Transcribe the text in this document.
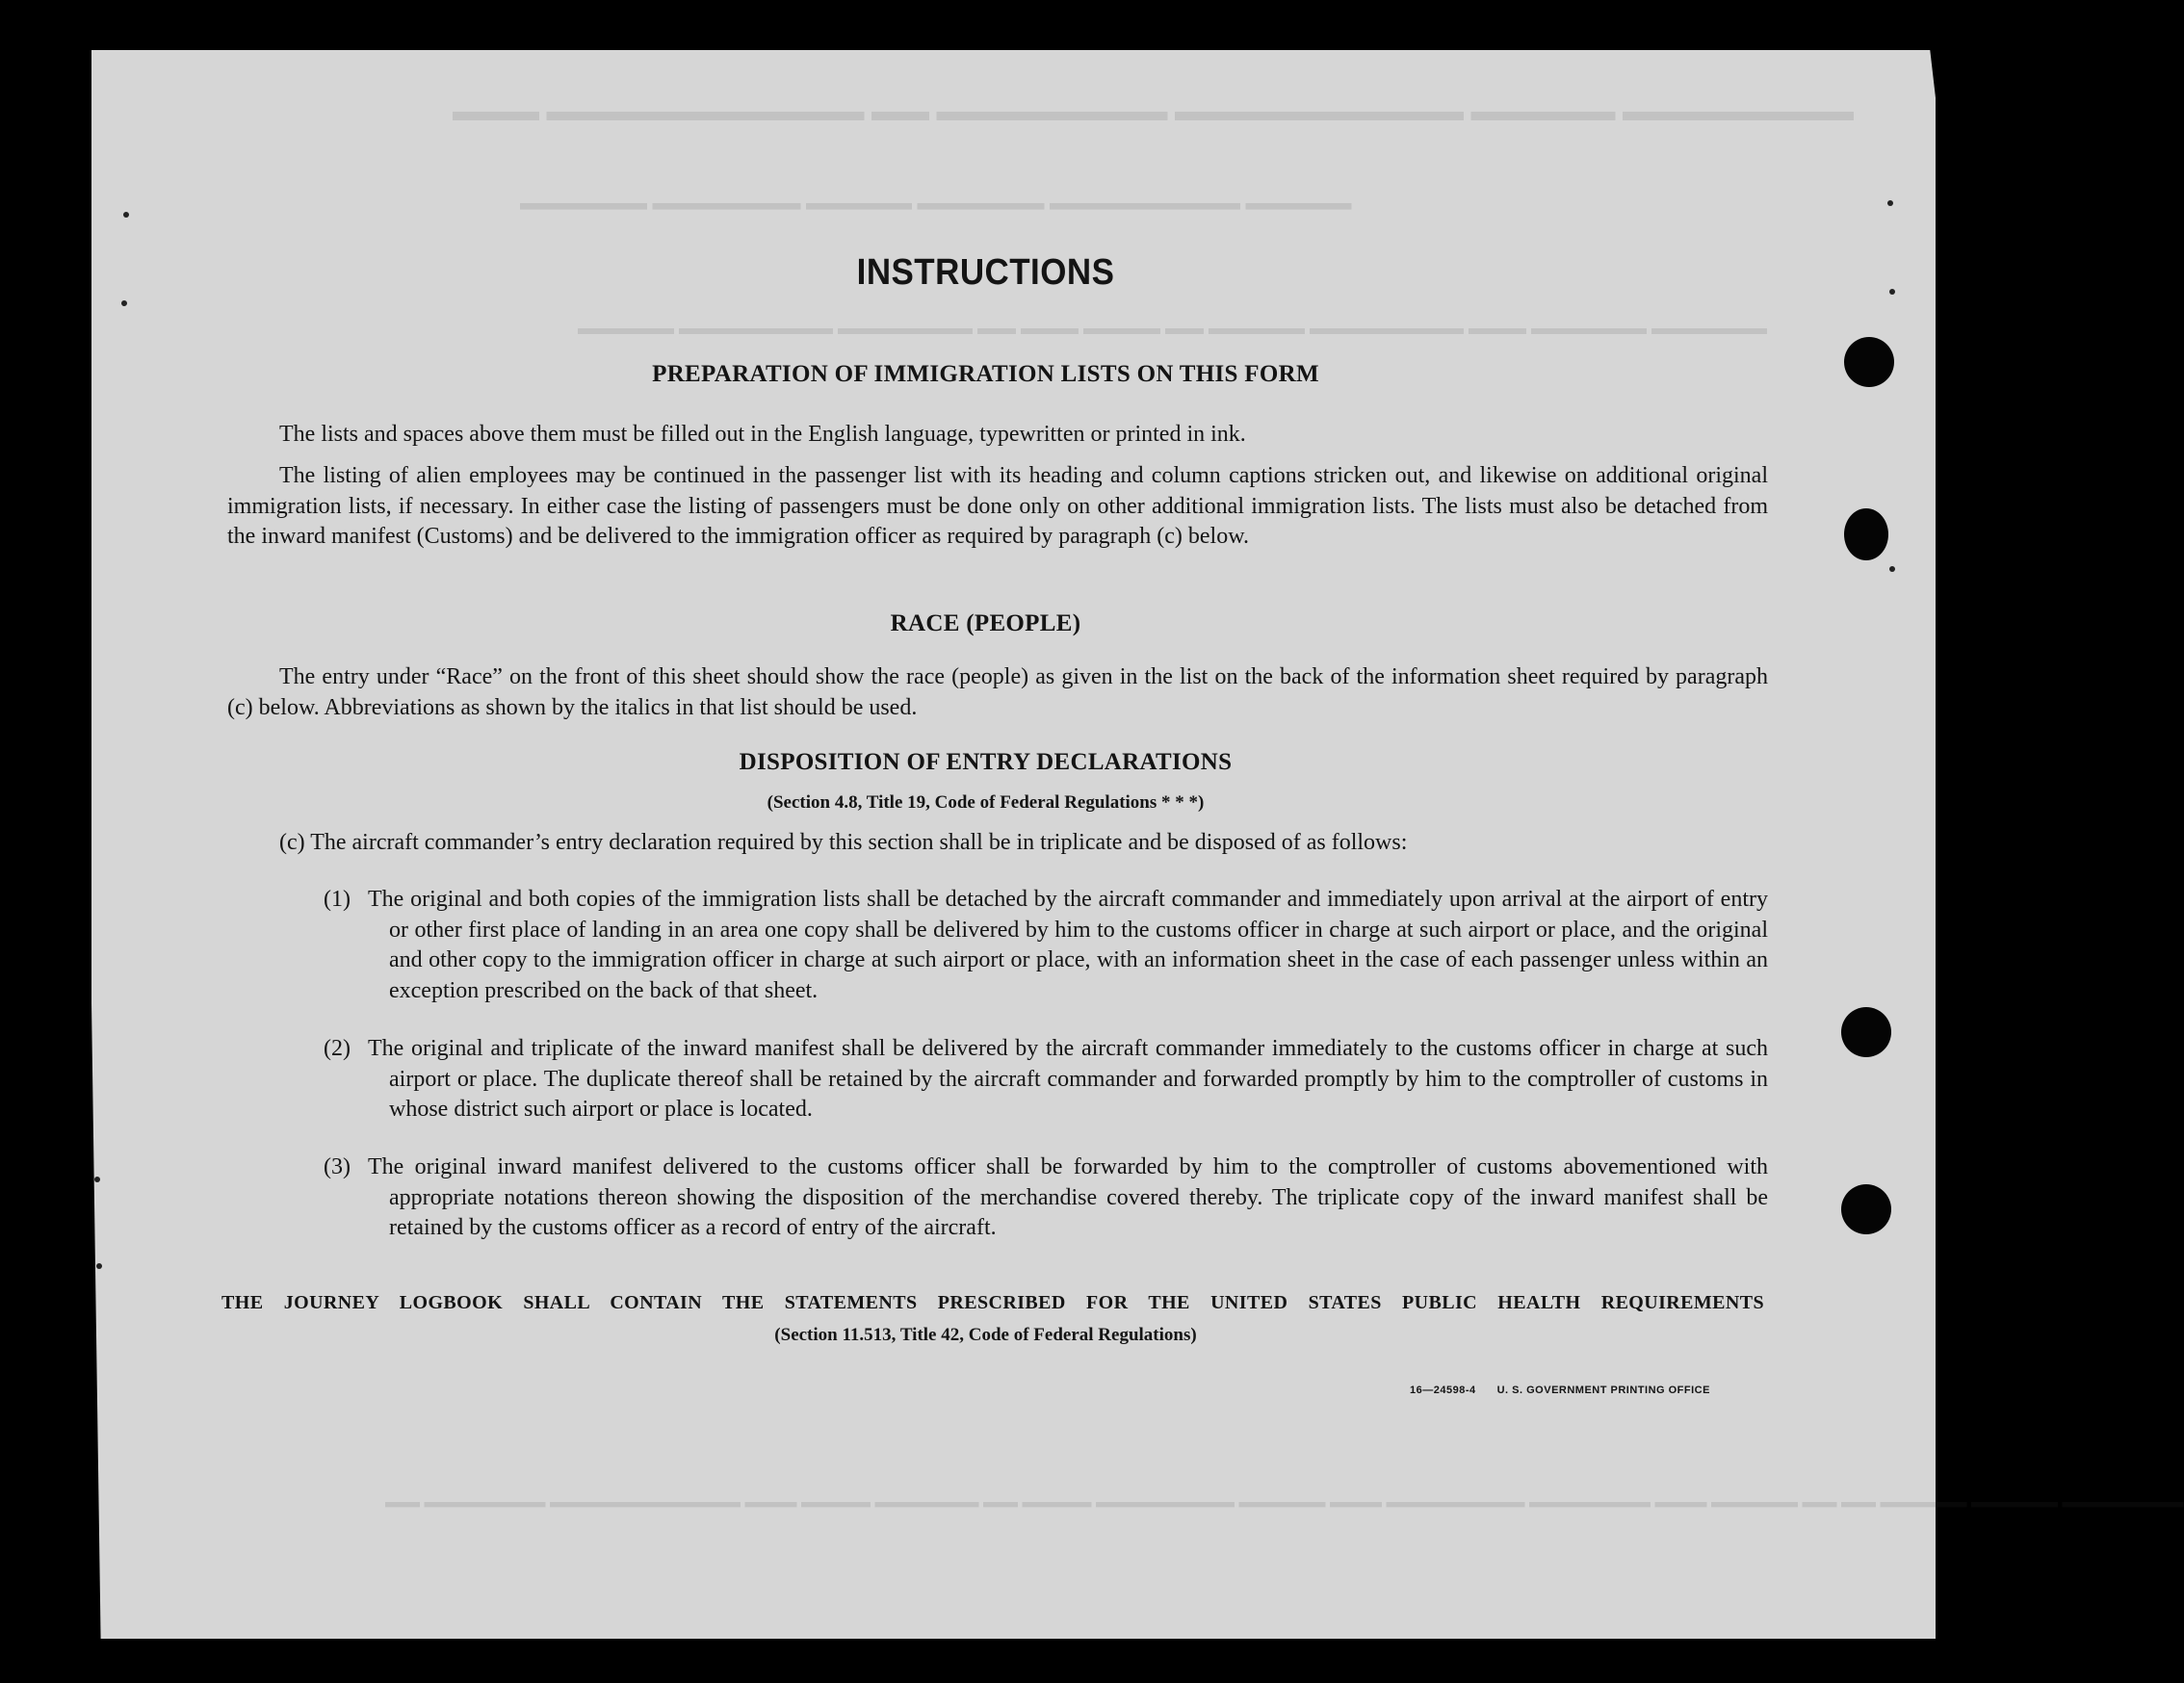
▬▬▬▬▬ ▬▬▬▬▬▬▬
INSTRUCTIONS
PREPARATION OF IMMIGRATION LISTS ON THIS FORM
The lists and spaces above them must be filled out in the English language, typewritten or printed in ink.
The listing of alien employees may be continued in the passenger list with its heading and column captions stricken out, and likewise on additional original immigration lists, if necessary. In either case the listing of passengers must be done only on other additional immigration lists. The lists must also be detached from the inward manifest (Customs) and be delivered to the immigration officer as required by paragraph (c) below.
RACE (PEOPLE)
The entry under “Race” on the front of this sheet should show the race (people) as given in the list on the back of the information sheet required by paragraph (c) below. Abbreviations as shown by the italics in that list should be used.
DISPOSITION OF ENTRY DECLARATIONS
(Section 4.8, Title 19, Code of Federal Regulations * * *)
(c) The aircraft commander’s entry declaration required by this section shall be in triplicate and be disposed of as follows:
(1) The original and both copies of the immigration lists shall be detached by the aircraft commander and immediately upon arrival at the airport of entry or other first place of landing in an area one copy shall be delivered by him to the customs officer in charge at such airport or place, and the original and other copy to the immigration officer in charge at such airport or place, with an information sheet in the case of each passenger unless within an exception prescribed on the back of that sheet.
(2) The original and triplicate of the inward manifest shall be delivered by the aircraft commander immediately to the customs officer in charge at such airport or place. The duplicate thereof shall be retained by the aircraft commander and forwarded promptly by him to the comptroller of customs in whose district such airport or place is located.
(3) The original inward manifest delivered to the customs officer shall be forwarded by him to the comptroller of customs abovementioned with appropriate notations thereon showing the disposition of the merchandise covered thereby. The triplicate copy of the inward manifest shall be retained by the customs officer as a record of entry of the aircraft.
THE JOURNEY LOGBOOK SHALL CONTAIN THE STATEMENTS PRESCRIBED FOR THE UNITED STATES PUBLIC HEALTH REQUIREMENTS
(Section 11.513, Title 42, Code of Federal Regulations)
16—24598-4 U. S. GOVERNMENT PRINTING OFFICE
